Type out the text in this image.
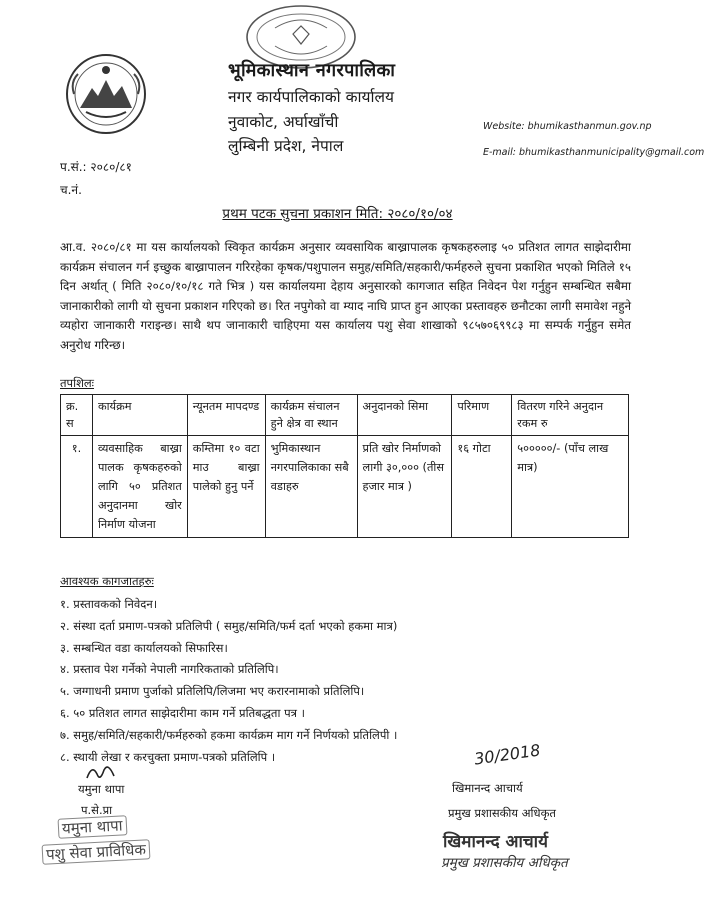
भूमिकास्थान नगरपालिका
नगर कार्यपालिकाको कार्यालय
नुवाकोट, अर्घाखाँची
लुम्बिनी प्रदेश, नेपाल
Website: bhumikasthanmun.gov.np
E-mail: bhumikasthanmunicipality@gmail.com
प.सं.: २०८०/८१
च.नं.
प्रथम पटक सुचना प्रकाशन मिति: २०८०/१०/०४
आ.व. २०८०/८१ मा यस कार्यालयको स्विकृत कार्यक्रम अनुसार व्यवसायिक बाख्रापालक कृषकहरुलाइ ५० प्रतिशत लागत साझेदारीमा कार्यक्रम संचालन गर्न इच्छुक बाख्रापालन गरिरहेका कृषक/पशुपालन समुह/समिति/सहकारी/फर्महरुले सुचना प्रकाशित भएको मितिले १५ दिन अर्थात् ( मिति २०८०/१०/१८ गते भित्र ) यस कार्यालयमा देहाय अनुसारको कागजात सहित निवेदन पेश गर्नुहुन सम्बन्धित सबैमा जानाकारीको लागी यो सुचना प्रकाशन गरिएको छ। रित नपुगेको वा म्याद नाघि प्राप्त हुन आएका प्रस्तावहरु छनौटका लागी समावेश नहुने व्यहोरा जानाकारी गराइन्छ। साथै थप जानाकारी चाहिएमा यस कार्यालय पशु सेवा शाखाको ९८५७०६९९८३ मा सम्पर्क गर्नुहुन समेत अनुरोध गरिन्छ।
तपशिलः
क्र. स	कार्यक्रम	न्यूनतम मापदण्ड	कार्यक्रम संचालन हुने क्षेत्र वा स्थान	अनुदानको सिमा	परिमाण	वितरण गरिने अनुदान रकम रु
१.	व्यवसाहिक बाख्रा पालक कृषकहरुको लागि ५० प्रतिशत अनुदानमा खोर निर्माण योजना	कम्तिमा १० वटा माउ बाख्रा पालेको हुनु पर्ने	भुमिकास्थान नगरपालिकाका सबै वडाहरु	प्रति खोर निर्माणको लागी ३०,००० (तीस हजार मात्र )	१६ गोटा	५०००००/- (पाँच लाख मात्र)
आवश्यक कागजातहरुः
१. प्रस्तावकको निवेदन।
२. संस्था दर्ता प्रमाण-पत्रको प्रतिलिपी ( समुह/समिति/फर्म दर्ता भएको हकमा मात्र)
३. सम्बन्धित वडा कार्यालयको सिफारिस।
४. प्रस्ताव पेश गर्नेको नेपाली नागरिकताको प्रतिलिपि।
५. जग्गाधनी प्रमाण पुर्जाको प्रतिलिपि/लिजमा भए करारनामाको प्रतिलिपि।
६. ५० प्रतिशत लागत साझेदारीमा काम गर्ने प्रतिबद्धता पत्र ।
७. समुह/समिति/सहकारी/फर्महरुको हकमा कार्यक्रम माग गर्ने निर्णयको प्रतिलिपी ।
८. स्थायी लेखा र करचुक्ता प्रमाण-पत्रको प्रतिलिपि ।
यमुना थापा
प.से.प्रा
यमुना थापा
पशु सेवा प्राविधिक
30/2018
खिमानन्द आचार्य
प्रमुख प्रशासकीय अधिकृत
खिमानन्द आचार्य
प्रमुख प्रशासकीय अधिकृत
